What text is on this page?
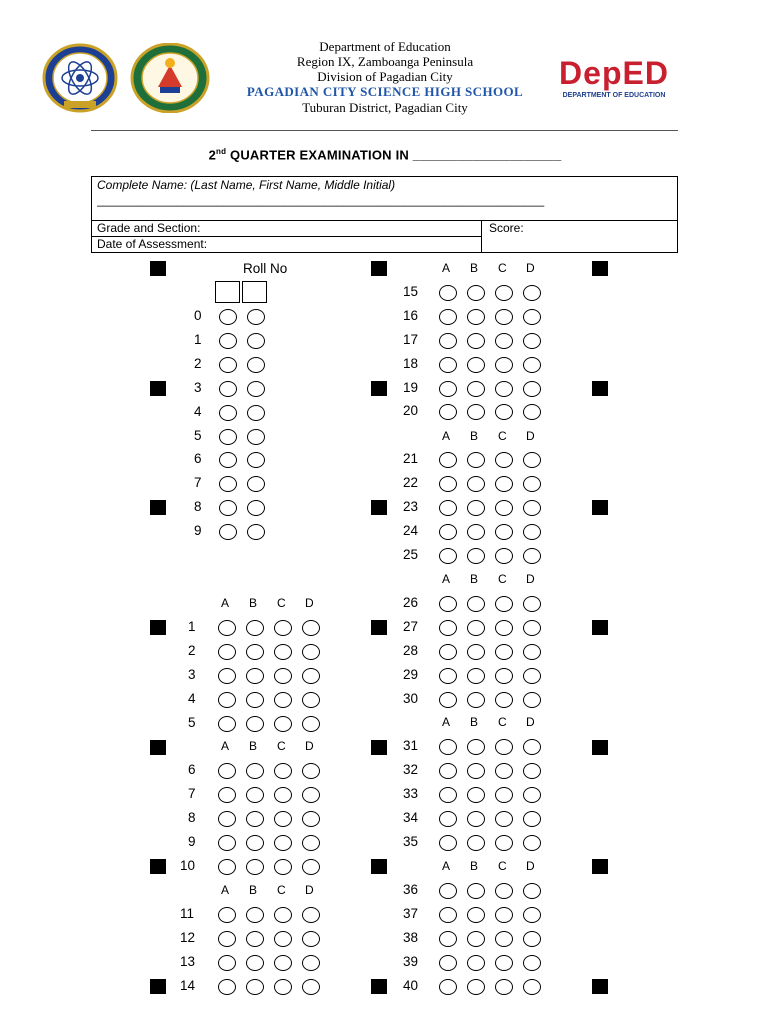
DepED
DEPARTMENT OF EDUCATION
Department of Education
Region IX, Zamboanga Peninsula
Division of Pagadian City
PAGADIAN CITY SCIENCE HIGH SCHOOL
Tuburan District, Pagadian City
2nd QUARTER EXAMINATION IN ____________________
Complete Name: (Last Name, First Name, Middle Initial)
___________________________________________________________________
Grade and Section:
Date of Assessment:
Score:
Roll No
0
1
2
3
4
5
6
7
8
9
A B C D
A B C D
A B C D
1
2
3
4
5
6
7
8
9
10
11
12
13
14
A B C D
A B C D
A B C D
A B C D
A B C D
15
16
17
18
19
20
21
22
23
24
25
26
27
28
29
30
31
32
33
34
35
36
37
38
39
40
